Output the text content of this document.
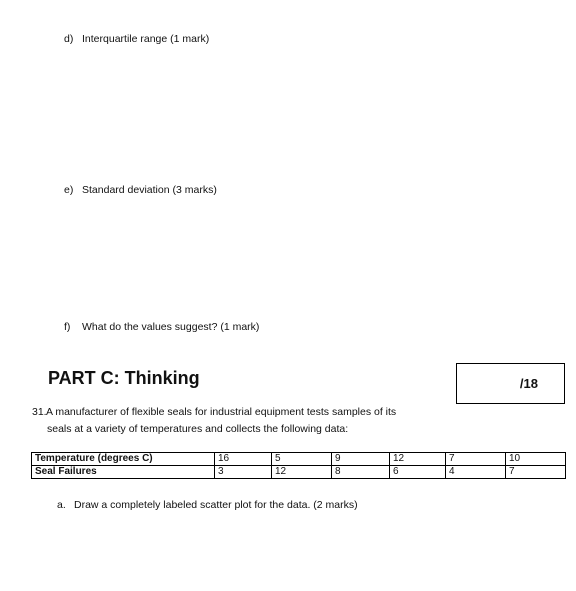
d) Interquartile range (1 mark)
e) Standard deviation (3 marks)
f) What do the values suggest? (1 mark)
PART C: Thinking	/18
31.A manufacturer of flexible seals for industrial equipment tests samples of its
seals at a variety of temperatures and collects the following data:
Temperature (degrees C)	16	5	9	12	7	10
Seal Failures	3	12	8	6	4	7
a. Draw a completely labeled scatter plot for the data. (2 marks)
